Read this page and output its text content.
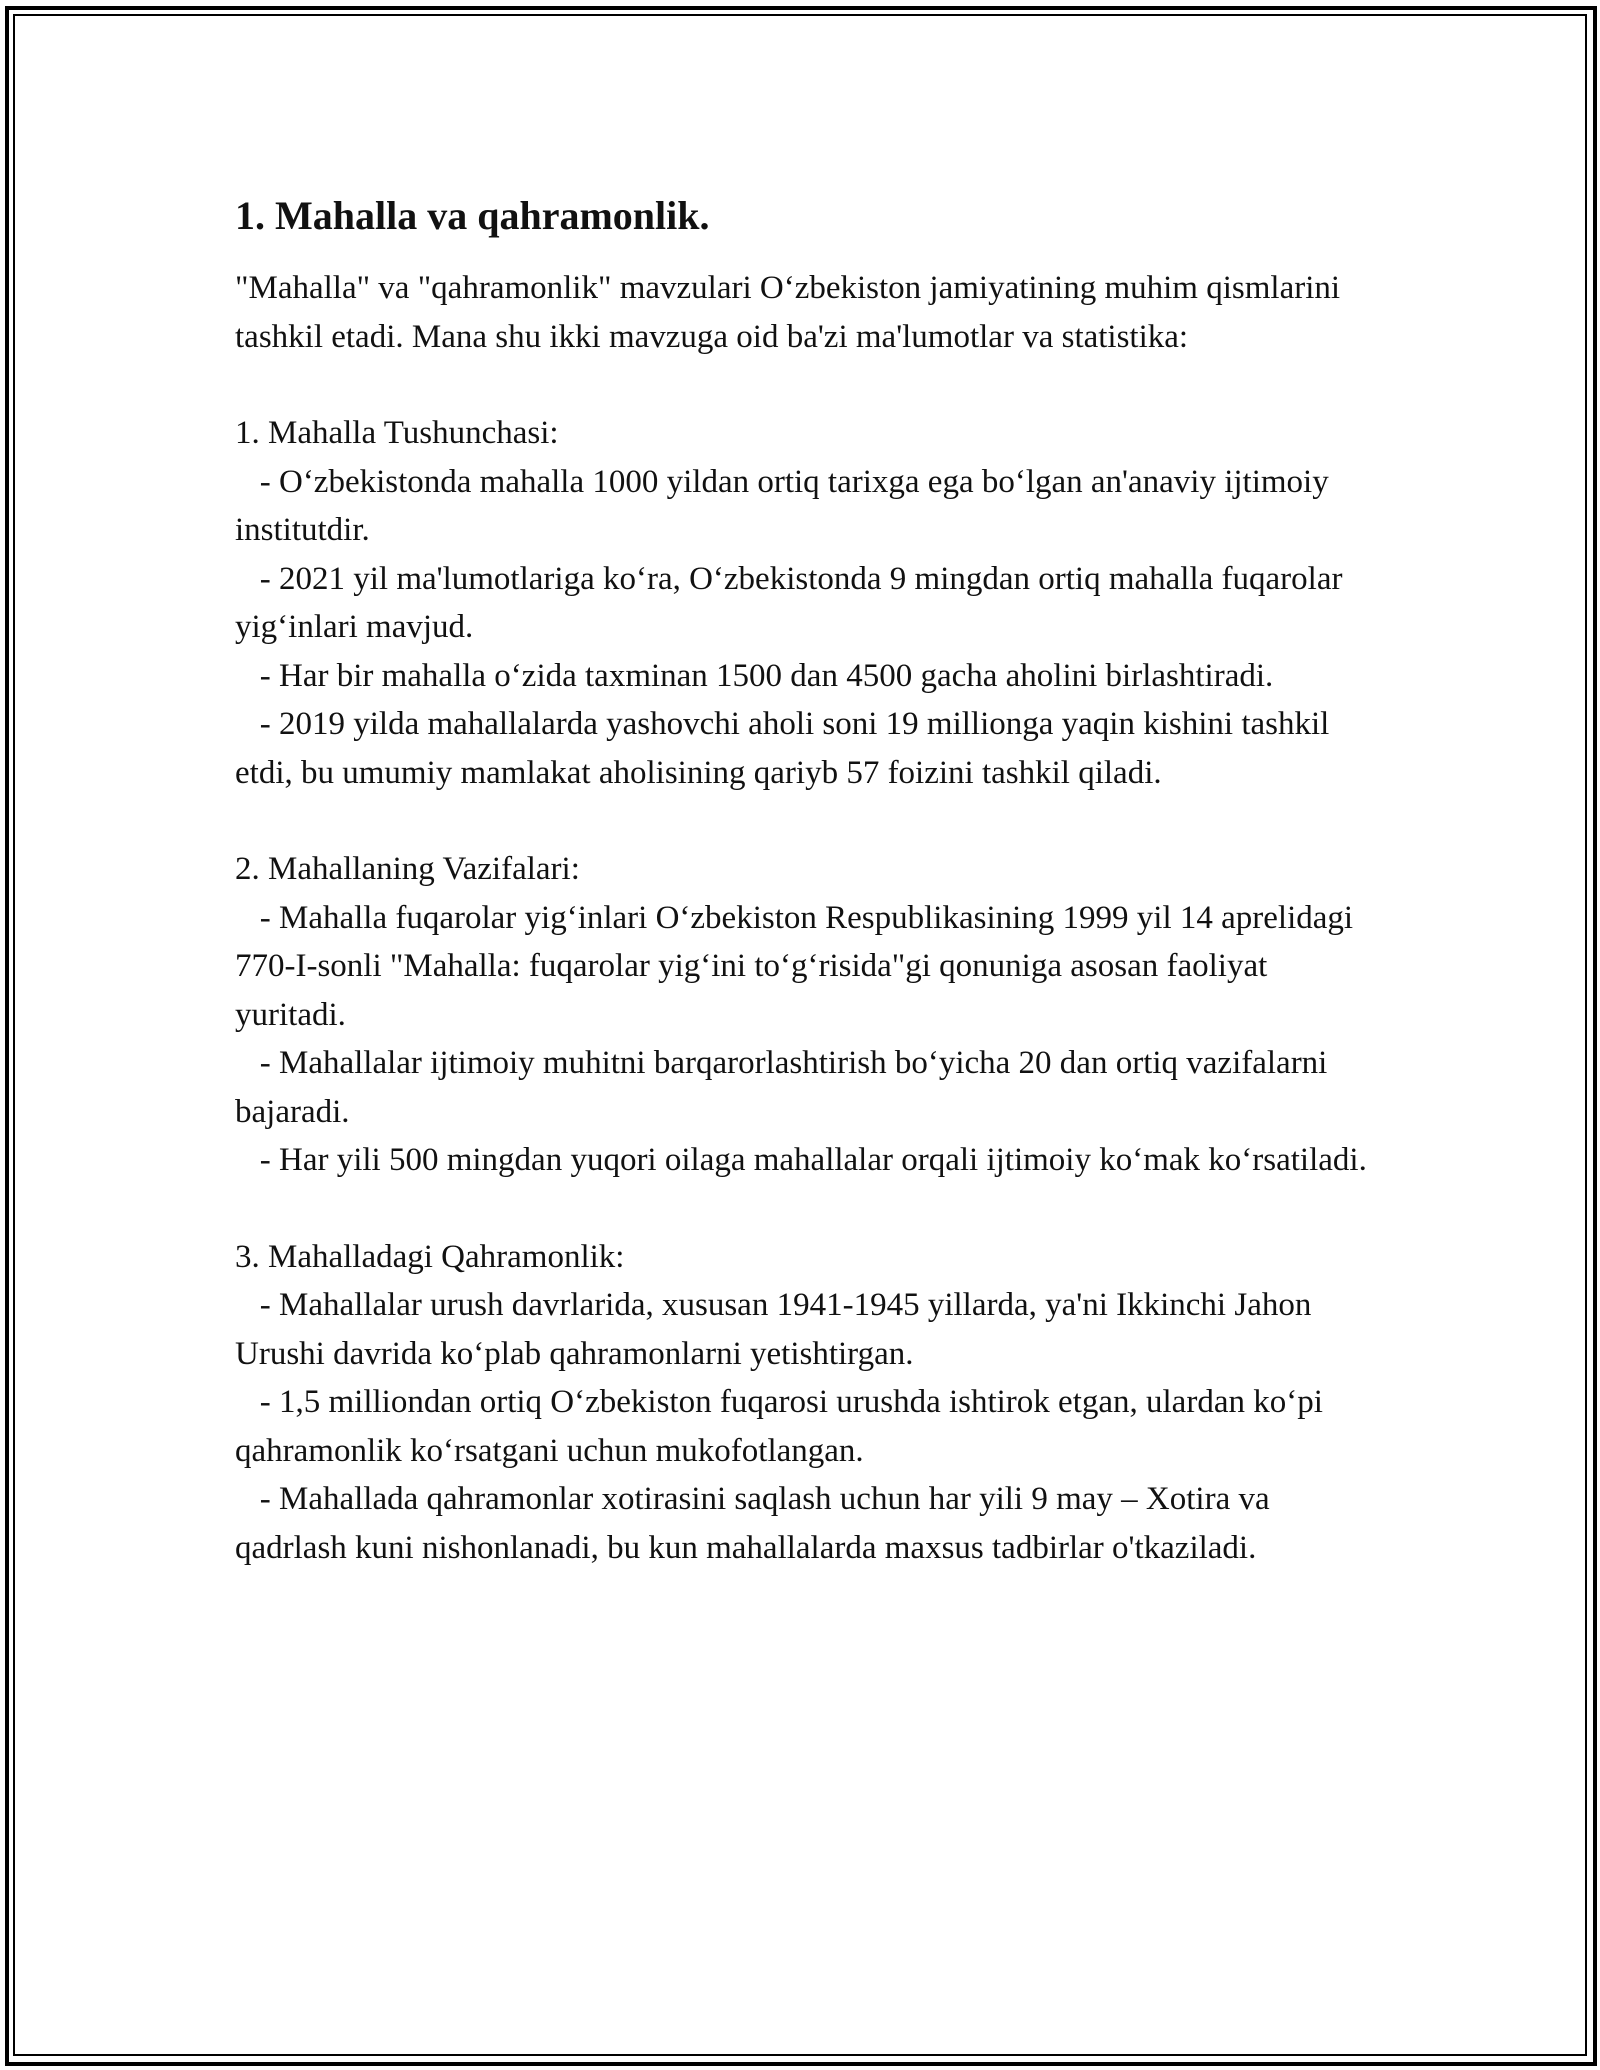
1. Mahalla va qahramonlik.

"Mahalla" va "qahramonlik" mavzulari O‘zbekiston jamiyatining muhim qismlarini tashkil etadi. Mana shu ikki mavzuga oid ba'zi ma'lumotlar va statistika:

1. Mahalla Tushunchasi:
- O‘zbekistonda mahalla 1000 yildan ortiq tarixga ega bo‘lgan an'anaviy ijtimoiy institutdir.
- 2021 yil ma'lumotlariga ko‘ra, O‘zbekistonda 9 mingdan ortiq mahalla fuqarolar yig‘inlari mavjud.
- Har bir mahalla o‘zida taxminan 1500 dan 4500 gacha aholini birlashtiradi.
- 2019 yilda mahallalarda yashovchi aholi soni 19 millionga yaqin kishini tashkil etdi, bu umumiy mamlakat aholisining qariyb 57 foizini tashkil qiladi.
2. Mahallaning Vazifalari:
- Mahalla fuqarolar yig‘inlari O‘zbekiston Respublikasining 1999 yil 14 aprelidagi 770-I-sonli "Mahalla: fuqarolar yig‘ini to‘g‘risida"gi qonuniga asosan faoliyat yuritadi.
- Mahallalar ijtimoiy muhitni barqarorlashtirish bo‘yicha 20 dan ortiq vazifalarni bajaradi.
- Har yili 500 mingdan yuqori oilaga mahallalar orqali ijtimoiy ko‘mak ko‘rsatiladi.
3. Mahalladagi Qahramonlik:
- Mahallalar urush davrlarida, xususan 1941-1945 yillarda, ya'ni Ikkinchi Jahon Urushi davrida ko‘plab qahramonlarni yetishtirgan.
- 1,5 milliondan ortiq O‘zbekiston fuqarosi urushda ishtirok etgan, ulardan ko‘pi qahramonlik ko‘rsatgani uchun mukofotlangan.
- Mahallada qahramonlar xotirasini saqlash uchun har yili 9 may – Xotira va qadrlash kuni nishonlanadi, bu kun mahallalarda maxsus tadbirlar o'tkaziladi.
